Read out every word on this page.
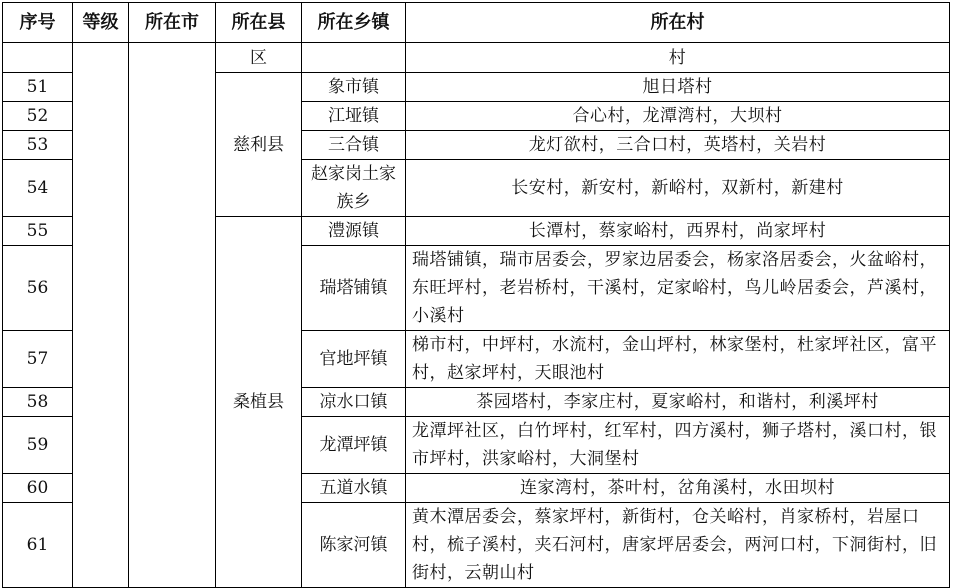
序号	等级	所在市	所在县	所在乡镇	所在村
			区		村
51			慈利县	象市镇	旭日塔村
52				江垭镇	合心村，龙潭湾村，大坝村
53				三合镇	龙灯欲村，三合口村，英塔村，关岩村
54				赵家岗土家族乡	长安村，新安村，新峪村，双新村，新建村
55			桑植县	澧源镇	长潭村，蔡家峪村，西界村，尚家坪村
56				瑞塔铺镇	瑞塔铺镇，瑞市居委会，罗家边居委会，杨家洛居委会，火盆峪村，东旺坪村，老岩桥村，干溪村，定家峪村，鸟儿岭居委会，芦溪村，小溪村
57				官地坪镇	梯市村，中坪村，水流村，金山坪村，林家堡村，杜家坪社区，富平村，赵家坪村，天眼池村
58				凉水口镇	茶园塔村，李家庄村，夏家峪村，和谐村，利溪坪村
59				龙潭坪镇	龙潭坪社区，白竹坪村，红军村，四方溪村，狮子塔村，溪口村，银市坪村，洪家峪村，大洞堡村
60				五道水镇	连家湾村，茶叶村，岔角溪村，水田坝村
61				陈家河镇	黄木潭居委会，蔡家坪村，新街村，仓关峪村，肖家桥村，岩屋口村，梳子溪村，夹石河村，唐家坪居委会，两河口村，下洞街村，旧街村，云朝山村
